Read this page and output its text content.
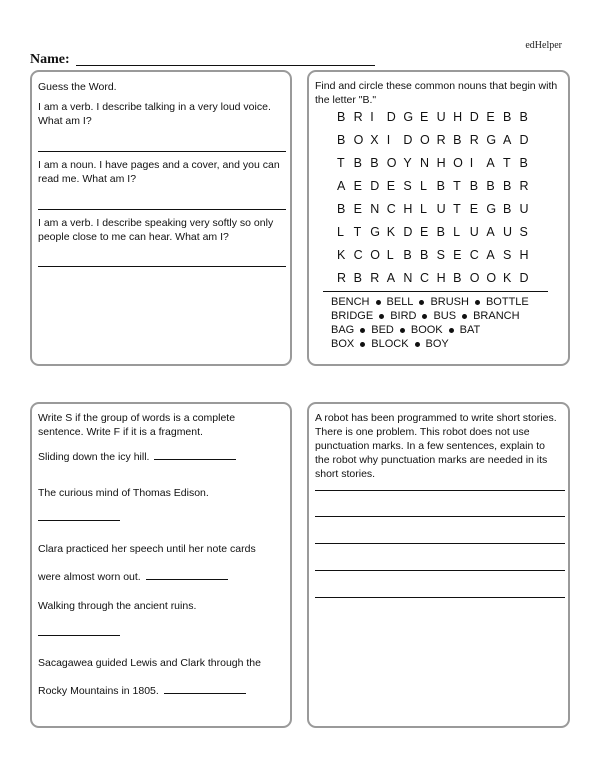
edHelper
Name:

Guess the Word.

I am a verb. I describe talking in a very loud voice. What am I?

I am a noun. I have pages and a cover, and you can read me. What am I?

I am a verb. I describe speaking very softly so only people close to me can hear. What am I?

Find and circle these common nouns that begin with the letter "B."

B R I D G E U H D E B B
B O X I D O R B R G A D
T B B O Y N H O I A T B
A E D E S L B T B B B R
B E N C H L U T E G B U
L T G K D E B L U A U S
K C O L B B S E C A S H
R B R A N C H B O O K D
BENCH BELL BRUSH BOTTLE
BRIDGE BIRD BUS BRANCH
BAG BED BOOK BAT
BOX BLOCK BOY

Write S if the group of words is a complete sentence. Write F if it is a fragment.

Sliding down the icy hill.

The curious mind of Thomas Edison.

Clara practiced her speech until her note cards

were almost worn out.

Walking through the ancient ruins.

Sacagawea guided Lewis and Clark through the

Rocky Mountains in 1805.

A robot has been programmed to write short stories. There is one problem. This robot does not use punctuation marks. In a few sentences, explain to the robot why punctuation marks are needed in its short stories.
